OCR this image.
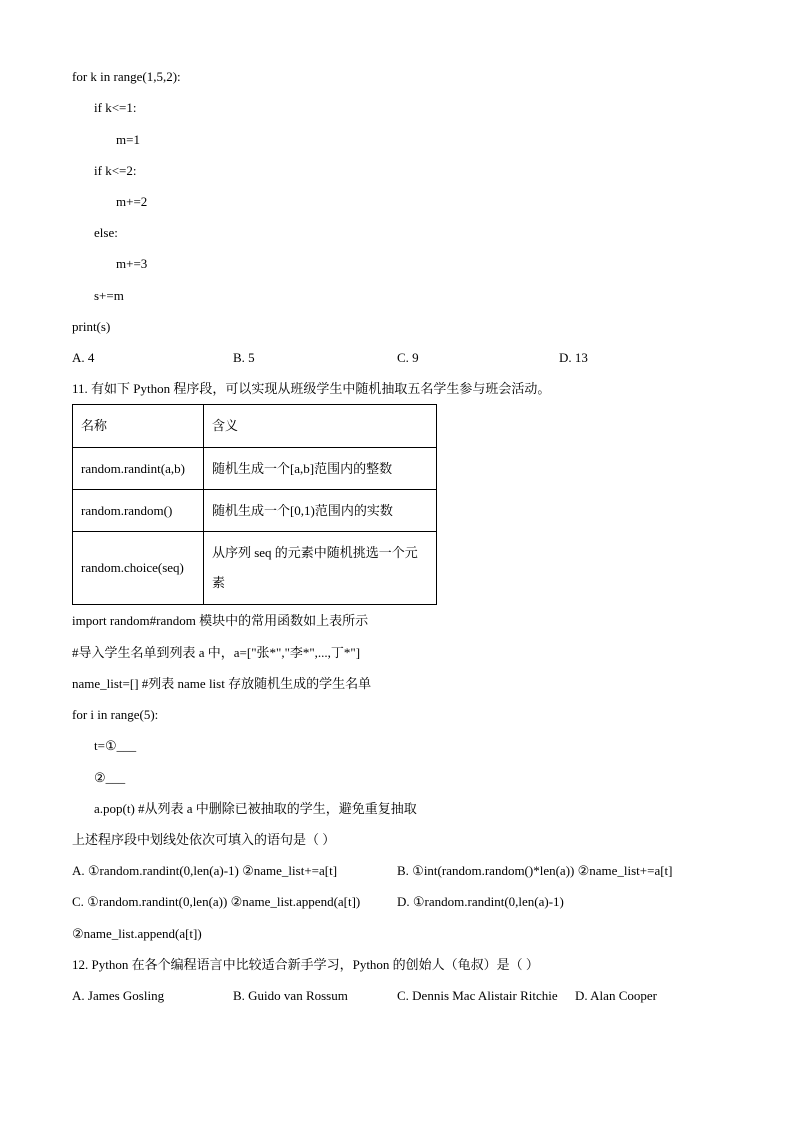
for k in range(1,5,2):
if k<=1:
m=1
if k<=2:
m+=2
else:
m+=3
s+=m
print(s)
A. 4	B. 5	C. 9	D. 13
11. 有如下 Python 程序段，可以实现从班级学生中随机抽取五名学生参与班会活动。
名称	含义
random.randint(a,b)	随机生成一个[a,b]范围内的整数
random.random()	随机生成一个[0,1)范围内的实数
random.choice(seq)	从序列 seq 的元素中随机挑选一个元素
import random#random 模块中的常用函数如上表所示
#导入学生名单到列表 a 中，a=["张*","李*",...,丁*"]
name_list=[] #列表 name list 存放随机生成的学生名单
for i in range(5):
t=①___
②___
a.pop(t) #从列表 a 中删除已被抽取的学生，避免重复抽取
上述程序段中划线处依次可填入的语句是（ ）
A. ①random.randint(0,len(a)-1) ②name_list+=a[t]	B. ①int(random.random()*len(a)) ②name_list+=a[t]
C. ①random.randint(0,len(a)) ②name_list.append(a[t])	D. ①random.randint(0,len(a)-1)
②name_list.append(a[t])
12. Python 在各个编程语言中比较适合新手学习，Python 的创始人（龟叔）是（ ）
A. James Gosling	B. Guido van Rossum	C. Dennis Mac Alistair Ritchie D. Alan Cooper
